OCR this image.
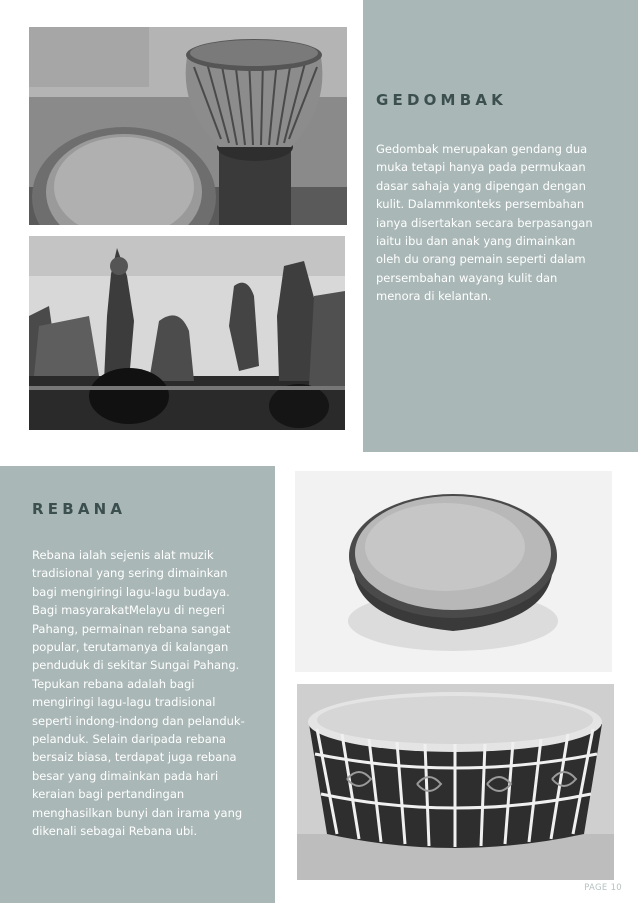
GEDOMBAK

Gedombak merupakan gendang dua muka tetapi hanya pada permukaan dasar sahaja yang dipengan dengan kulit. Dalammkonteks persembahan ianya disertakan secara berpasangan iaitu ibu dan anak yang dimainkan oleh du orang pemain seperti dalam persembahan wayang kulit dan menora di kelantan.

REBANA

Rebana ialah sejenis alat muzik tradisional yang sering dimainkan bagi mengiringi lagu-lagu budaya. Bagi masyarakatMelayu di negeri Pahang, permainan rebana sangat popular, terutamanya di kalangan penduduk di sekitar Sungai Pahang. Tepukan rebana adalah bagi mengiringi lagu-lagu tradisional seperti indong-indong dan pelanduk-pelanduk. Selain daripada rebana bersaiz biasa, terdapat juga rebana besar yang dimainkan pada hari keraian bagi pertandingan menghasilkan bunyi dan irama yang dikenali sebagai Rebana ubi.

PAGE 10
